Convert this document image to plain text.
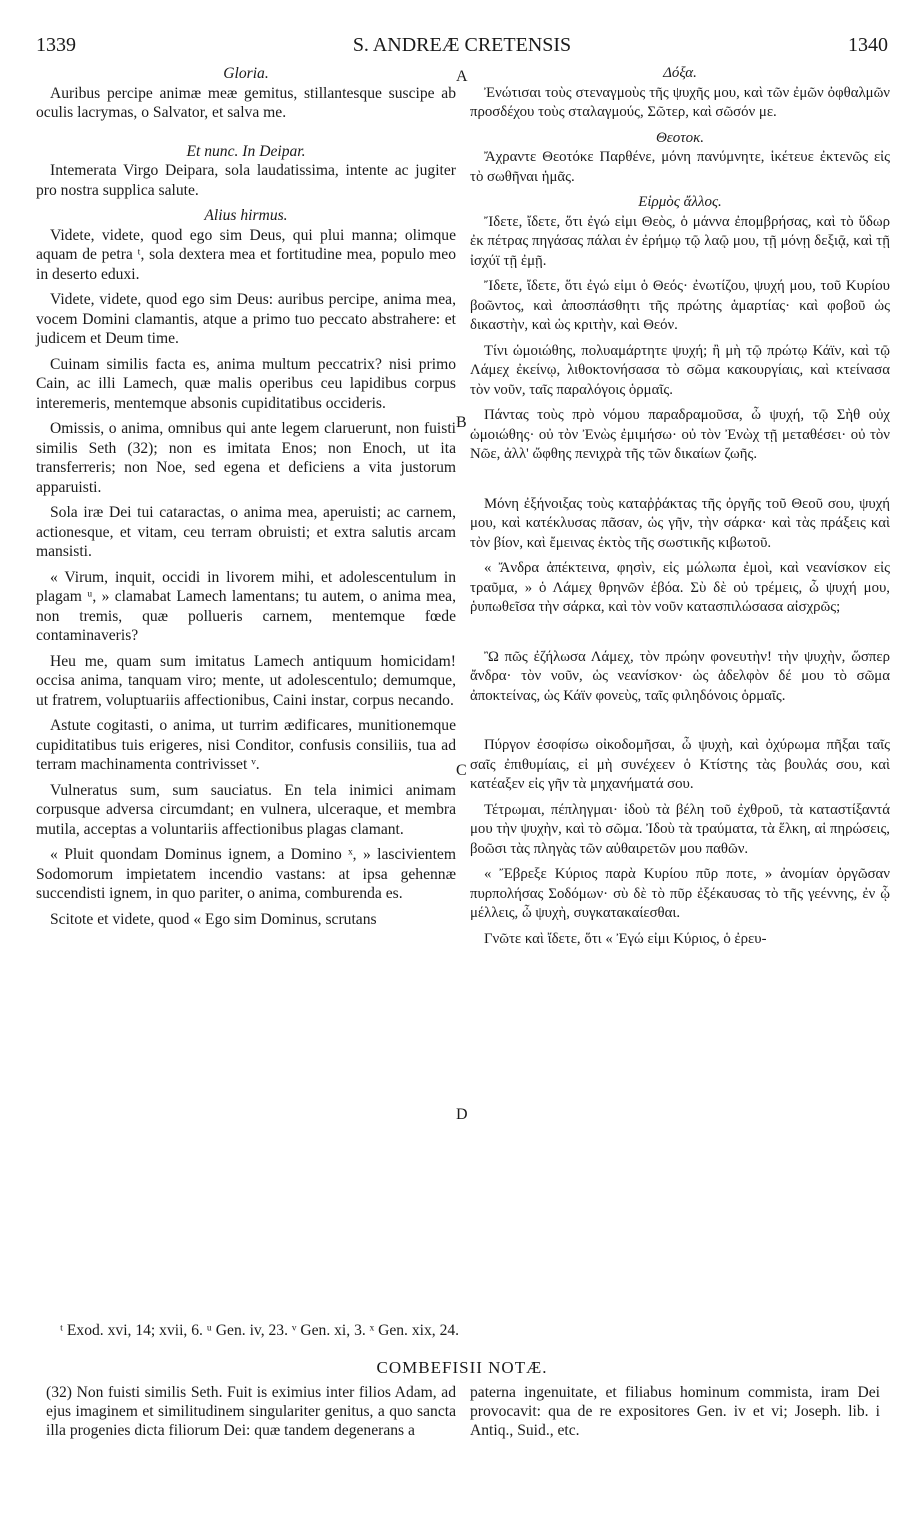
1339	S. ANDREÆ CRETENSIS	1340
A
B
C
D

Gloria.

Auribus percipe animæ meæ gemitus, stillantesque suscipe ab oculis lacrymas, o Salvator, et salva me.

Et nunc. In Deipar.

Intemerata Virgo Deipara, sola laudatissima, intente ac jugiter pro nostra supplica salute.

Alius hirmus.

Videte, videte, quod ego sim Deus, qui plui manna; olimque aquam de petra ᵗ, sola dextera mea et fortitudine mea, populo meo in deserto eduxi.

Videte, videte, quod ego sim Deus: auribus percipe, anima mea, vocem Domini clamantis, atque a primo tuo peccato abstrahere: et judicem et Deum time.

Cuinam similis facta es, anima multum peccatrix? nisi primo Cain, ac illi Lamech, quæ malis operibus ceu lapidibus corpus interemeris, mentemque absonis cupiditatibus occideris.

Omissis, o anima, omnibus qui ante legem claruerunt, non fuisti similis Seth (32); non es imitata Enos; non Enoch, ut ita transferreris; non Noe, sed egena et deficiens a vita justorum apparuisti.

Sola iræ Dei tui cataractas, o anima mea, aperuisti; ac carnem, actionesque, et vitam, ceu terram obruisti; et extra salutis arcam mansisti.

« Virum, inquit, occidi in livorem mihi, et adolescentulum in plagam ᵘ, » clamabat Lamech lamentans; tu autem, o anima mea, non tremis, quæ pollueris carnem, mentemque fœde contaminaveris?

Heu me, quam sum imitatus Lamech antiquum homicidam! occisa anima, tanquam viro; mente, ut adolescentulo; demumque, ut fratrem, voluptuariis affectionibus, Caini instar, corpus necando.

Astute cogitasti, o anima, ut turrim ædificares, munitionemque cupiditatibus tuis erigeres, nisi Conditor, confusis consiliis, tua ad terram machinamenta contrivisset ᵛ.

Vulneratus sum, sum sauciatus. En tela inimici animam corpusque adversa circumdant; en vulnera, ulceraque, et membra mutila, acceptas a voluntariis affectionibus plagas clamant.

« Pluit quondam Dominus ignem, a Domino ˣ, » lascivientem Sodomorum impietatem incendio vastans: at ipsa gehennæ succendisti ignem, in quo pariter, o anima, comburenda es.

Scitote et videte, quod « Ego sim Dominus, scrutans

Δόξα.

Ἐνώτισαι τοὺς στεναγμοὺς τῆς ψυχῆς μου, καὶ τῶν ἐμῶν ὀφθαλμῶν προσδέχου τοὺς σταλαγμούς, Σῶτερ, καὶ σῶσόν με.

Θεοτοκ.

Ἄχραντε Θεοτόκε Παρθένε, μόνη πανύμνητε, ἱκέτευε ἐκτενῶς εἰς τὸ σωθῆναι ἡμᾶς.

Εἱρμὸς ἄλλος.

Ἴδετε, ἴδετε, ὅτι ἐγώ εἰμι Θεὸς, ὁ μάννα ἐπομβρήσας, καὶ τὸ ὕδωρ ἐκ πέτρας πηγάσας πάλαι ἐν ἐρήμῳ τῷ λαῷ μου, τῇ μόνῃ δεξιᾷ, καὶ τῇ ἰσχύϊ τῇ ἐμῇ.

Ἴδετε, ἴδετε, ὅτι ἐγώ εἰμι ὁ Θεός· ἐνωτίζου, ψυχή μου, τοῦ Κυρίου βοῶντος, καὶ ἀποσπάσθητι τῆς πρώτης ἁμαρτίας· καὶ φοβοῦ ὡς δικαστὴν, καὶ ὡς κριτὴν, καὶ Θεόν.

Τίνι ὡμοιώθης, πολυαμάρτητε ψυχή; ἢ μὴ τῷ πρώτῳ Κάϊν, καὶ τῷ Λάμεχ ἐκείνῳ, λιθοκτονήσασα τὸ σῶμα κακουργίαις, καὶ κτείνασα τὸν νοῦν, ταῖς παραλόγοις ὁρμαῖς.

Πάντας τοὺς πρὸ νόμου παραδραμοῦσα, ὦ ψυχή, τῷ Σὴθ οὐχ ὡμοιώθης· οὐ τὸν Ἐνὼς ἐμιμήσω· οὐ τὸν Ἐνὼχ τῇ μεταθέσει· οὐ τὸν Νῶε, ἀλλ' ὤφθης πενιχρὰ τῆς τῶν δικαίων ζωῆς.

Μόνη ἐξήνοιξας τοὺς καταῤῥάκτας τῆς ὀργῆς τοῦ Θεοῦ σου, ψυχή μου, καὶ κατέκλυσας πᾶσαν, ὡς γῆν, τὴν σάρκα· καὶ τὰς πράξεις καὶ τὸν βίον, καὶ ἔμεινας ἐκτὸς τῆς σωστικῆς κιβωτοῦ.

« Ἄνδρα ἀπέκτεινα, φησὶν, εἰς μώλωπα ἐμοὶ, καὶ νεανίσκον εἰς τραῦμα, » ὁ Λάμεχ θρηνῶν ἐβόα. Σὺ δὲ οὐ τρέμεις, ὦ ψυχή μου, ῥυπωθεῖσα τὴν σάρκα, καὶ τὸν νοῦν κατασπιλώσασα αἰσχρῶς;

Ὢ πῶς ἐζήλωσα Λάμεχ, τὸν πρώην φονευτὴν! τὴν ψυχὴν, ὥσπερ ἄνδρα· τὸν νοῦν, ὡς νεανίσκον· ὡς ἀδελφὸν δέ μου τὸ σῶμα ἀποκτείνας, ὡς Κάϊν φονεὺς, ταῖς φιληδόνοις ὁρμαῖς.

Πύργον ἐσοφίσω οἰκοδομῆσαι, ὦ ψυχὴ, καὶ ὀχύρωμα πῆξαι ταῖς σαῖς ἐπιθυμίαις, εἰ μὴ συνέχεεν ὁ Κτίστης τὰς βουλάς σου, καὶ κατέαξεν εἰς γῆν τὰ μηχανήματά σου.

Τέτρωμαι, πέπληγμαι· ἰδοὺ τὰ βέλη τοῦ ἐχθροῦ, τὰ καταστίξαντά μου τὴν ψυχὴν, καὶ τὸ σῶμα. Ἰδοὺ τὰ τραύματα, τὰ ἕλκη, αἱ πηρώσεις, βοῶσι τὰς πληγὰς τῶν αὐθαιρετῶν μου παθῶν.

« Ἔβρεξε Κύριος παρὰ Κυρίου πῦρ ποτε, » ἀνομίαν ὀργῶσαν πυρπολήσας Σοδόμων· σὺ δὲ τὸ πῦρ ἐξέκαυσας τὸ τῆς γεέννης, ἐν ᾧ μέλλεις, ὦ ψυχὴ, συγκατακαίεσθαι.

Γνῶτε καὶ ἴδετε, ὅτι « Ἐγώ εἰμι Κύριος, ὁ ἐρευ-

ᵗ Exod. xvi, 14; xvii, 6. ᵘ Gen. iv, 23. ᵛ Gen. xi, 3. ˣ Gen. xix, 24.
COMBEFISII NOTÆ.

(32) Non fuisti similis Seth. Fuit is eximius inter filios Adam, ad ejus imaginem et similitudinem singulariter genitus, a quo sancta illa progenies dicta filiorum Dei: quæ tandem degenerans a

paterna ingenuitate, et filiabus hominum commista, iram Dei provocavit: qua de re expositores Gen. iv et vi; Joseph. lib. i Antiq., Suid., etc.
